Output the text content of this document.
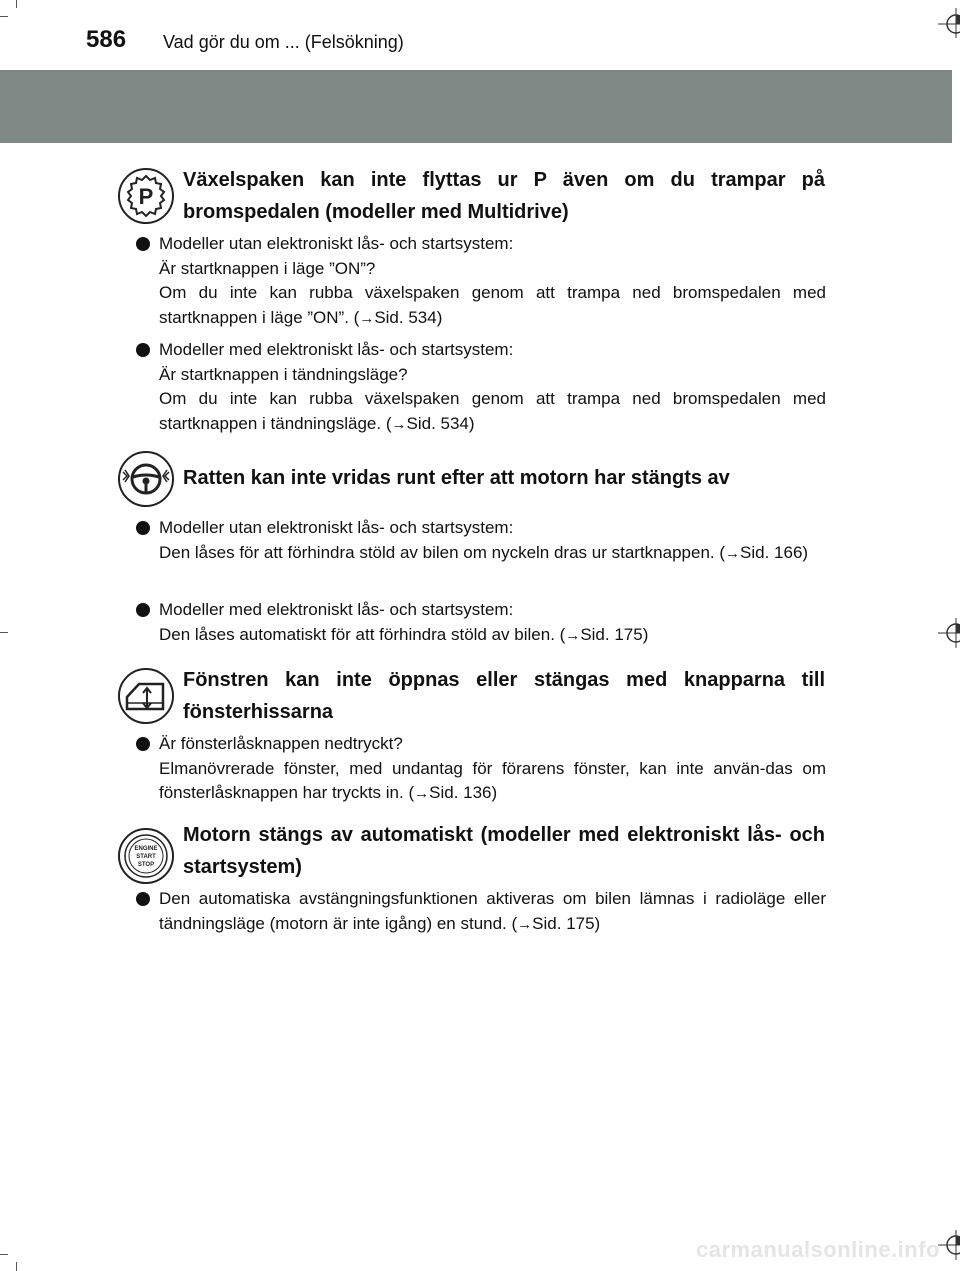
586 Vad gör du om ... (Felsökning)
P
Växelspaken kan inte flyttas ur P även om du trampar på bromspedalen (modeller med Multidrive)
Modeller utan elektroniskt lås- och startsystem:
Är startknappen i läge ”ON”?
Om du inte kan rubba växelspaken genom att trampa ned bromspedalen med startknappen i läge ”ON”. (→Sid. 534)
Modeller med elektroniskt lås- och startsystem:
Är startknappen i tändningsläge?
Om du inte kan rubba växelspaken genom att trampa ned bromspedalen med startknappen i tändningsläge. (→Sid. 534)
Ratten kan inte vridas runt efter att motorn har stängts av
Modeller utan elektroniskt lås- och startsystem:
Den låses för att förhindra stöld av bilen om nyckeln dras ur startknappen. (→Sid. 166)
Modeller med elektroniskt lås- och startsystem:
Den låses automatiskt för att förhindra stöld av bilen. (→Sid. 175)
Fönstren kan inte öppnas eller stängas med knapparna till fönsterhissarna
Är fönsterlåsknappen nedtryckt?
Elmanövrerade fönster, med undantag för förarens fönster, kan inte använ-das om fönsterlåsknappen har tryckts in. (→Sid. 136)
ENGINE
START
STOP
Motorn stängs av automatiskt (modeller med elektroniskt lås- och startsystem)
Den automatiska avstängningsfunktionen aktiveras om bilen lämnas i radioläge eller tändningsläge (motorn är inte igång) en stund. (→Sid. 175)
carmanualsonline.info
